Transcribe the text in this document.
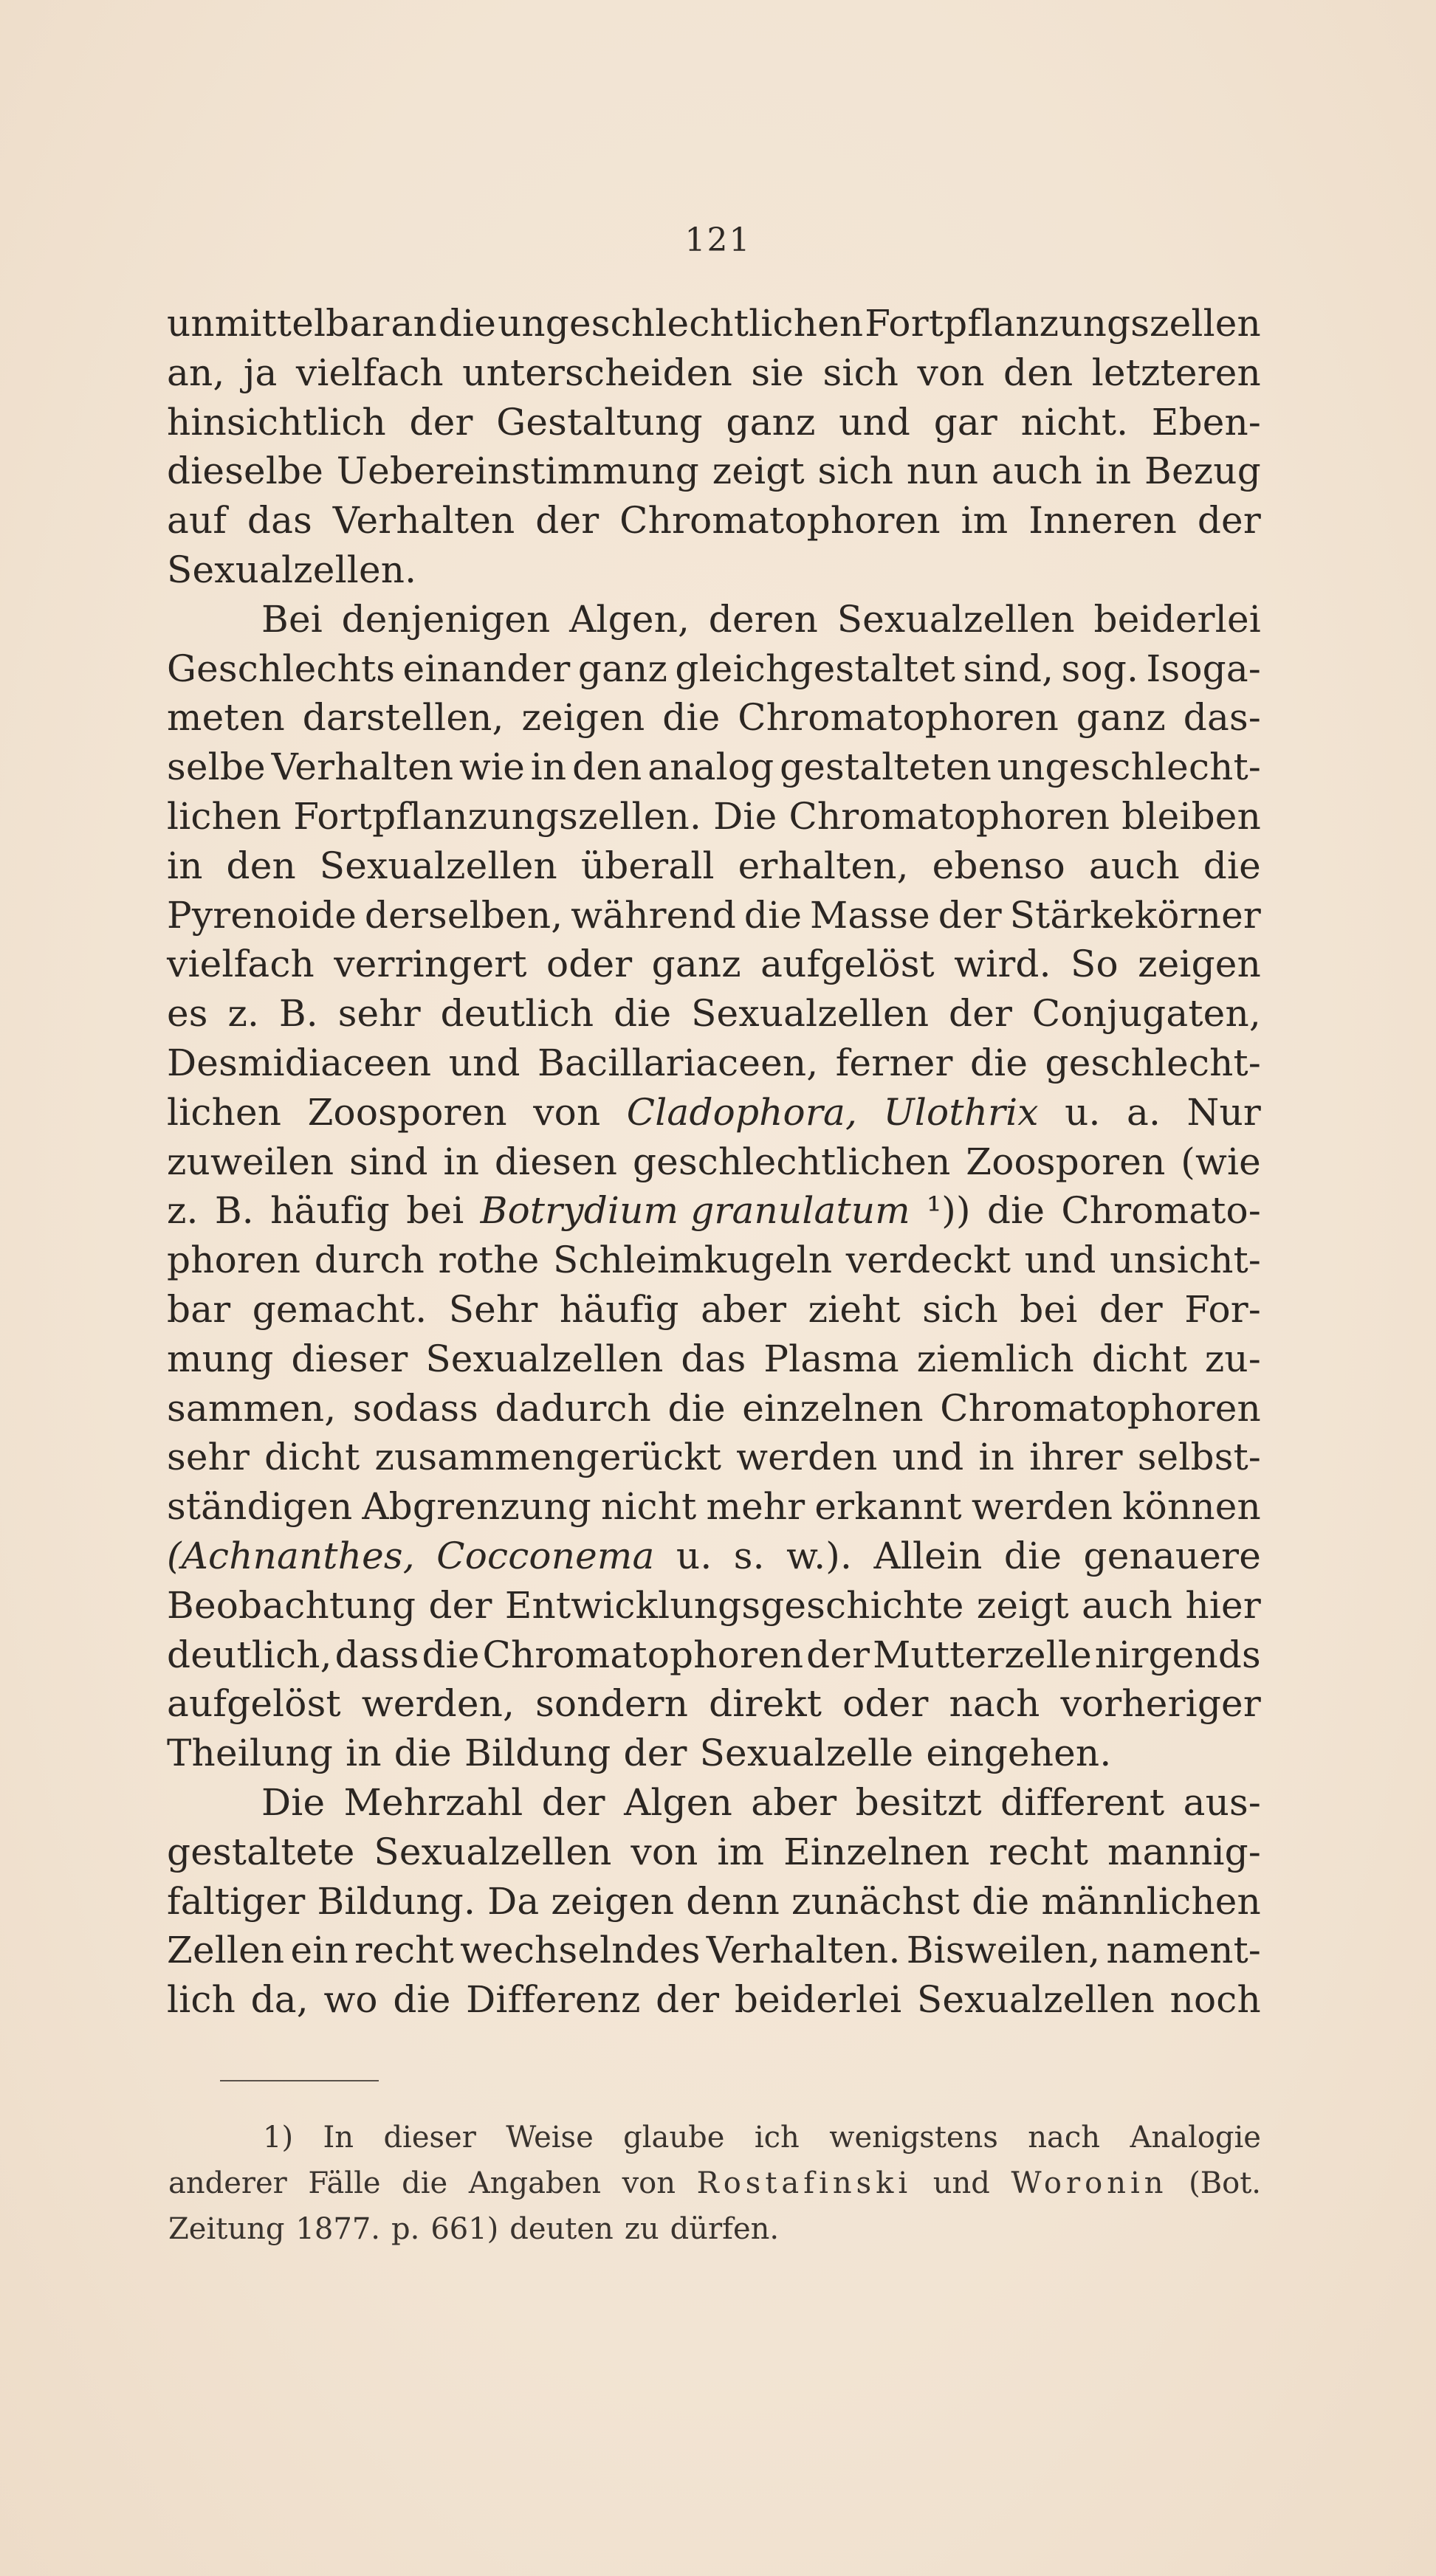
121
unmittelbar an die ungeschlechtlichen Fortpflanzungszellen
an, ja vielfach unterscheiden sie sich von den letzteren
hinsichtlich der Gestaltung ganz und gar nicht. Eben-
dieselbe Uebereinstimmung zeigt sich nun auch in Bezug
auf das Verhalten der Chromatophoren im Inneren der
Sexualzellen.
Bei denjenigen Algen, deren Sexualzellen beiderlei
Geschlechts einander ganz gleichgestaltet sind, sog. Isoga-
meten darstellen, zeigen die Chromatophoren ganz das-
selbe Verhalten wie in den analog gestalteten ungeschlecht-
lichen Fortpflanzungszellen. Die Chromatophoren bleiben
in den Sexualzellen überall erhalten, ebenso auch die
Pyrenoide derselben, während die Masse der Stärkekörner
vielfach verringert oder ganz aufgelöst wird. So zeigen
es z. B. sehr deutlich die Sexualzellen der Conjugaten,
Desmidiaceen und Bacillariaceen, ferner die geschlecht-
lichen Zoosporen von Cladophora, Ulothrix u. a. Nur
zuweilen sind in diesen geschlechtlichen Zoosporen (wie
z. B. häufig bei Botrydium granulatum ¹)) die Chromato-
phoren durch rothe Schleimkugeln verdeckt und unsicht-
bar gemacht. Sehr häufig aber zieht sich bei der For-
mung dieser Sexualzellen das Plasma ziemlich dicht zu-
sammen, sodass dadurch die einzelnen Chromatophoren
sehr dicht zusammengerückt werden und in ihrer selbst-
ständigen Abgrenzung nicht mehr erkannt werden können
(Achnanthes, Cocconema u. s. w.). Allein die genauere
Beobachtung der Entwicklungsgeschichte zeigt auch hier
deutlich, dass die Chromatophoren der Mutterzelle nirgends
aufgelöst werden, sondern direkt oder nach vorheriger
Theilung in die Bildung der Sexualzelle eingehen.
Die Mehrzahl der Algen aber besitzt different aus-
gestaltete Sexualzellen von im Einzelnen recht mannig-
faltiger Bildung. Da zeigen denn zunächst die männlichen
Zellen ein recht wechselndes Verhalten. Bisweilen, nament-
lich da, wo die Differenz der beiderlei Sexualzellen noch
1) In dieser Weise glaube ich wenigstens nach Analogie
anderer Fälle die Angaben von Rostafinski und Woronin (Bot.
Zeitung 1877. p. 661) deuten zu dürfen.
